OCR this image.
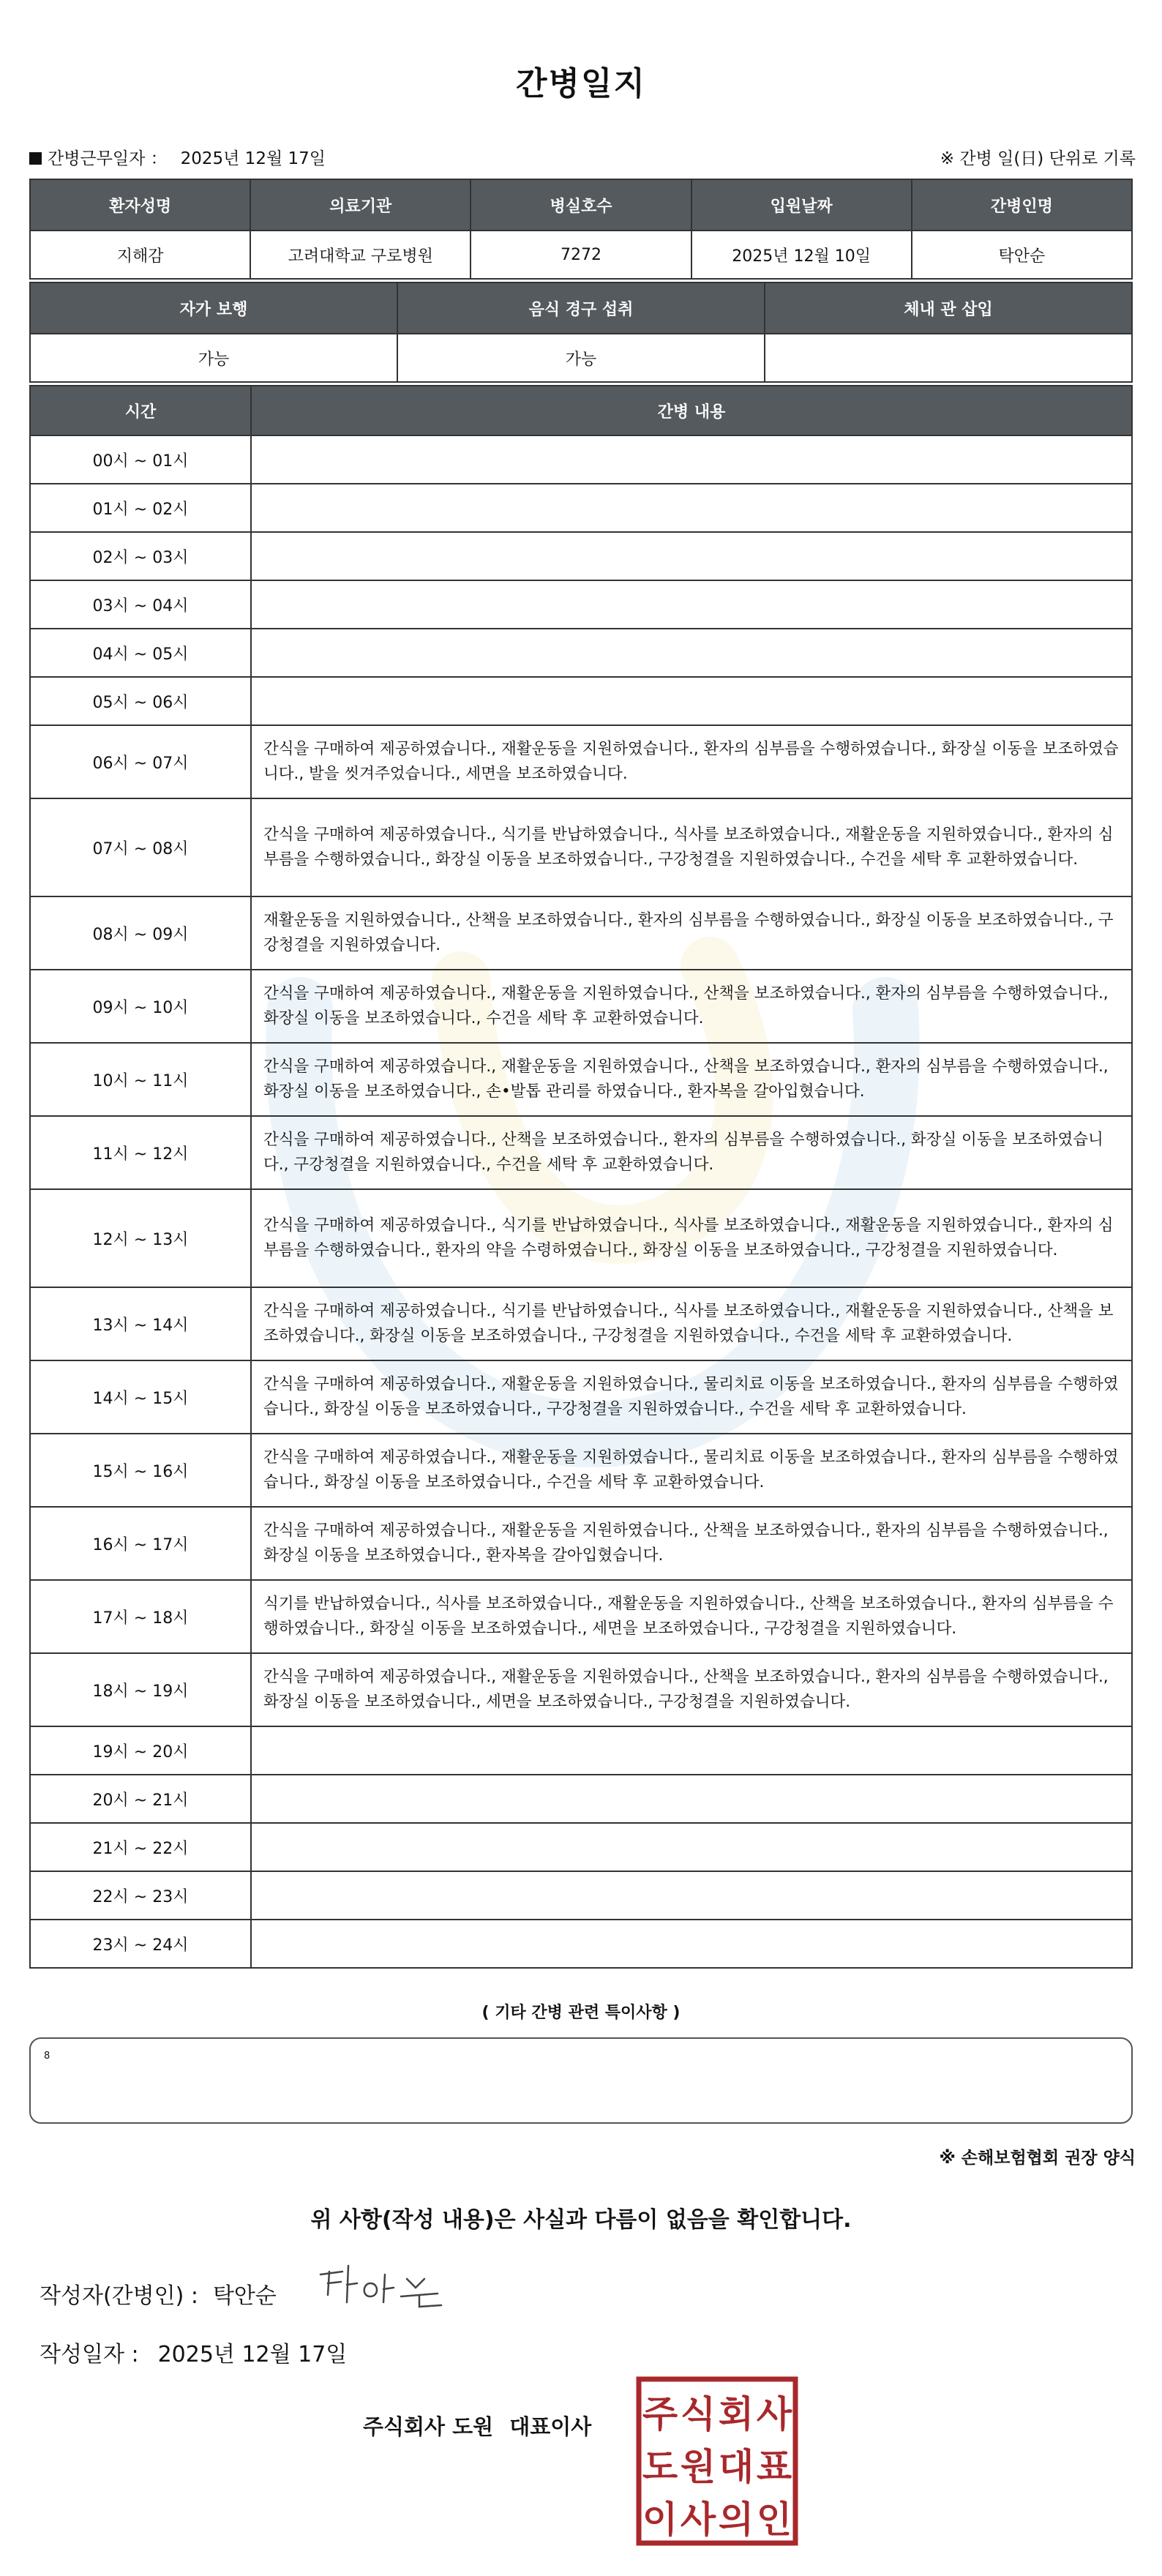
간병일지
간병근무일자 ： 2025년 12월 17일	※ 간병 일(日) 단위로 기록
환자성명	의료기관	병실호수	입원날짜	간병인명
지해감	고려대학교 구로병원	7272	2025년 12월 10일	탁안순
자가 보행	음식 경구 섭취	체내 관 삽입
가능	가능	
시간	간병 내용
00시 ~ 01시	
01시 ~ 02시	
02시 ~ 03시	
03시 ~ 04시	
04시 ~ 05시	
05시 ~ 06시	
06시 ~ 07시	간식을 구매하여 제공하였습니다., 재활운동을 지원하였습니다., 환자의 심부름을 수행하였습니다., 화장실 이동을 보조하였습니다., 발을 씻겨주었습니다., 세면을 보조하였습니다.
07시 ~ 08시	간식을 구매하여 제공하였습니다., 식기를 반납하였습니다., 식사를 보조하였습니다., 재활운동을 지원하였습니다., 환자의 심부름을 수행하였습니다., 화장실 이동을 보조하였습니다., 구강청결을 지원하였습니다., 수건을 세탁 후 교환하였습니다.
08시 ~ 09시	재활운동을 지원하였습니다., 산책을 보조하였습니다., 환자의 심부름을 수행하였습니다., 화장실 이동을 보조하였습니다., 구강청결을 지원하였습니다.
09시 ~ 10시	간식을 구매하여 제공하였습니다., 재활운동을 지원하였습니다., 산책을 보조하였습니다., 환자의 심부름을 수행하였습니다., 화장실 이동을 보조하였습니다., 수건을 세탁 후 교환하였습니다.
10시 ~ 11시	간식을 구매하여 제공하였습니다., 재활운동을 지원하였습니다., 산책을 보조하였습니다., 환자의 심부름을 수행하였습니다., 화장실 이동을 보조하였습니다., 손•발톱 관리를 하였습니다., 환자복을 갈아입혔습니다.
11시 ~ 12시	간식을 구매하여 제공하였습니다., 산책을 보조하였습니다., 환자의 심부름을 수행하였습니다., 화장실 이동을 보조하였습니다., 구강청결을 지원하였습니다., 수건을 세탁 후 교환하였습니다.
12시 ~ 13시	간식을 구매하여 제공하였습니다., 식기를 반납하였습니다., 식사를 보조하였습니다., 재활운동을 지원하였습니다., 환자의 심부름을 수행하였습니다., 환자의 약을 수령하였습니다., 화장실 이동을 보조하였습니다., 구강청결을 지원하였습니다.
13시 ~ 14시	간식을 구매하여 제공하였습니다., 식기를 반납하였습니다., 식사를 보조하였습니다., 재활운동을 지원하였습니다., 산책을 보조하였습니다., 화장실 이동을 보조하였습니다., 구강청결을 지원하였습니다., 수건을 세탁 후 교환하였습니다.
14시 ~ 15시	간식을 구매하여 제공하였습니다., 재활운동을 지원하였습니다., 물리치료 이동을 보조하였습니다., 환자의 심부름을 수행하였습니다., 화장실 이동을 보조하였습니다., 구강청결을 지원하였습니다., 수건을 세탁 후 교환하였습니다.
15시 ~ 16시	간식을 구매하여 제공하였습니다., 재활운동을 지원하였습니다., 물리치료 이동을 보조하였습니다., 환자의 심부름을 수행하였습니다., 화장실 이동을 보조하였습니다., 수건을 세탁 후 교환하였습니다.
16시 ~ 17시	간식을 구매하여 제공하였습니다., 재활운동을 지원하였습니다., 산책을 보조하였습니다., 환자의 심부름을 수행하였습니다., 화장실 이동을 보조하였습니다., 환자복을 갈아입혔습니다.
17시 ~ 18시	식기를 반납하였습니다., 식사를 보조하였습니다., 재활운동을 지원하였습니다., 산책을 보조하였습니다., 환자의 심부름을 수행하였습니다., 화장실 이동을 보조하였습니다., 세면을 보조하였습니다., 구강청결을 지원하였습니다.
18시 ~ 19시	간식을 구매하여 제공하였습니다., 재활운동을 지원하였습니다., 산책을 보조하였습니다., 환자의 심부름을 수행하였습니다., 화장실 이동을 보조하였습니다., 세면을 보조하였습니다., 구강청결을 지원하였습니다.
19시 ~ 20시	
20시 ~ 21시	
21시 ~ 22시	
22시 ~ 23시	
23시 ~ 24시	
( 기타 간병 관련 특이사항 )
8
※ 손해보험협회 권장 양식
위 사항(작성 내용)은 사실과 다름이 없음을 확인합니다.
작성자(간병인) : 탁안순
작성일자 : 2025년 12월 17일
주식회사 도원 대표이사 주 식 회 사
도 원 대 표
이 사 의 인
